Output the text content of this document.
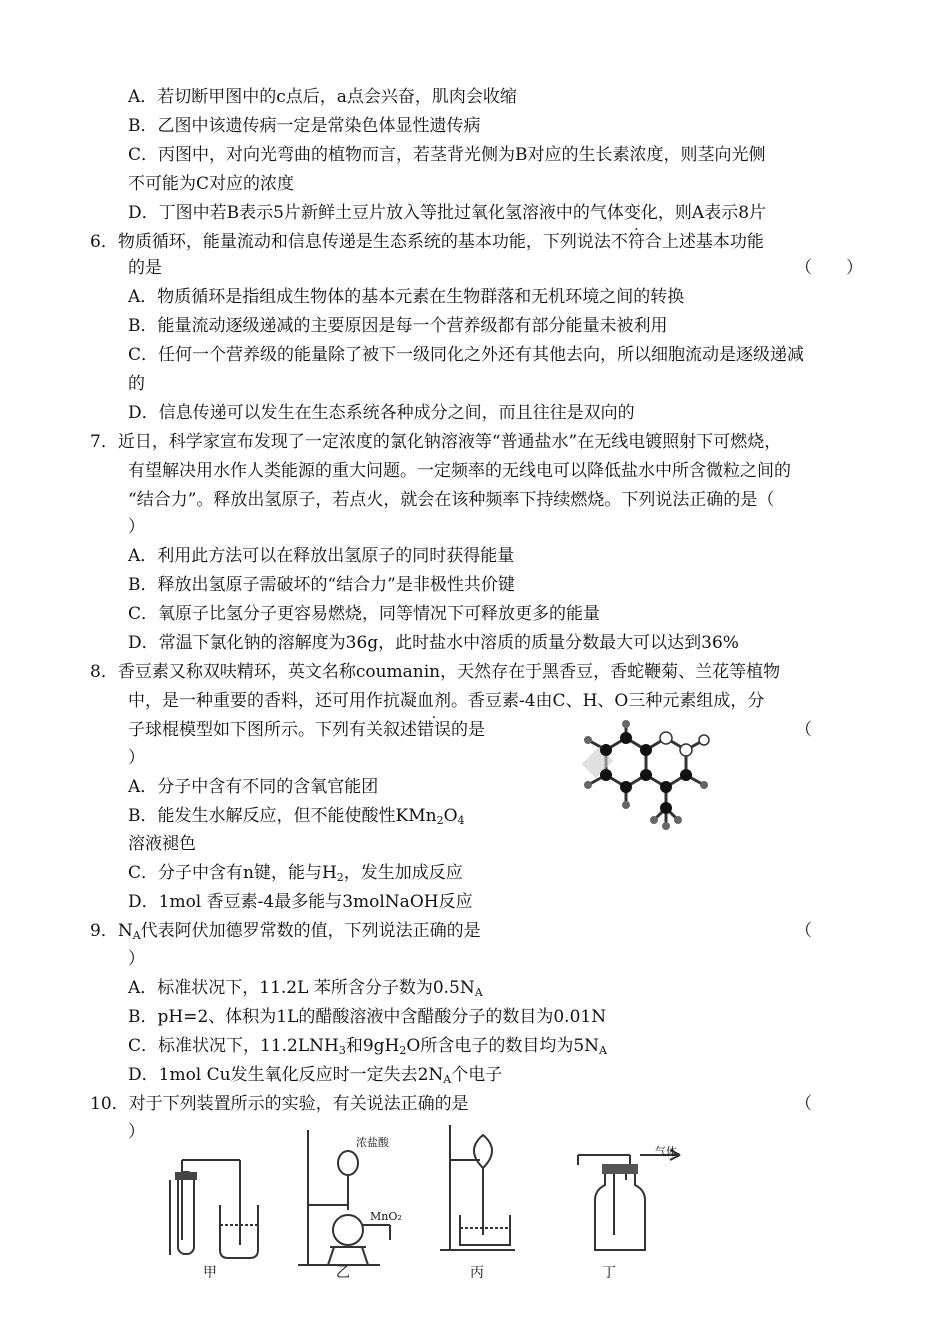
A．若切断甲图中的c点后，a点会兴奋，肌肉会收缩
B．乙图中该遗传病一定是常染色体显性遗传病
C．丙图中，对向光弯曲的植物而言，若茎背光侧为B对应的生长素浓度，则茎向光侧
不可能为C对应的浓度
D．丁图中若B表示5片新鲜土豆片放入等批过氧化氢溶液中的气体变化，则A表示8片
6．物质循环，能量流动和信息传递是生态系统的基本功能，下列说法不符合上述基本功能
的是	（　　）
A．物质循环是指组成生物体的基本元素在生物群落和无机环境之间的转换
B．能量流动逐级递减的主要原因是每一个营养级都有部分能量未被利用
C．任何一个营养级的能量除了被下一级同化之外还有其他去向，所以细胞流动是逐级递减
的
D．信息传递可以发生在生态系统各种成分之间，而且往往是双向的
7．近日，科学家宣布发现了一定浓度的氯化钠溶液等“普通盐水”在无线电镀照射下可燃烧，
有望解决用水作人类能源的重大问题。一定频率的无线电可以降低盐水中所含微粒之间的
“结合力”。释放出氢原子，若点火，就会在该种频率下持续燃烧。下列说法正确的是（
）
A．利用此方法可以在释放出氢原子的同时获得能量
B．释放出氢原子需破坏的“结合力”是非极性共价键
C．氧原子比氢分子更容易燃烧，同等情况下可释放更多的能量
D．常温下氯化钠的溶解度为36g，此时盐水中溶质的质量分数最大可以达到36%
8．香豆素又称双呋精环，英文名称coumanin，天然存在于黑香豆，香蛇鞭菊、兰花等植物
中，是一种重要的香料，还可用作抗凝血剂。香豆素-4由C、H、O三种元素组成，分
子球棍模型如下图所示。下列有关叙述错误的是	（
）
A．分子中含有不同的含氧官能团
B．能发生水解反应，但不能使酸性$KMn_2O_4$
溶液褪色
C．分子中含有n键，能与$H_2$，发生加成反应
D．1mol 香豆素-4最多能与3molNaOH反应
9．$N_A$代表阿伏加德罗常数的值，下列说法正确的是	（
）
A．标准状况下，11.2L 苯所含分子数为$0.5N_A$
B．pH=2、体积为1L的醋酸溶液中含醋酸分子的数目为0.01N
C．标准状况下，$11.2LNH_3$和$9gH_2O$所含电子的数目均为$5N_A$
D．1mol Cu发生氧化反应时一定失去$2N_A$个电子
10．对于下列装置所示的实验，有关说法正确的是	（
）
甲
浓盐酸
MnO₂
乙	丙
气体
丁
